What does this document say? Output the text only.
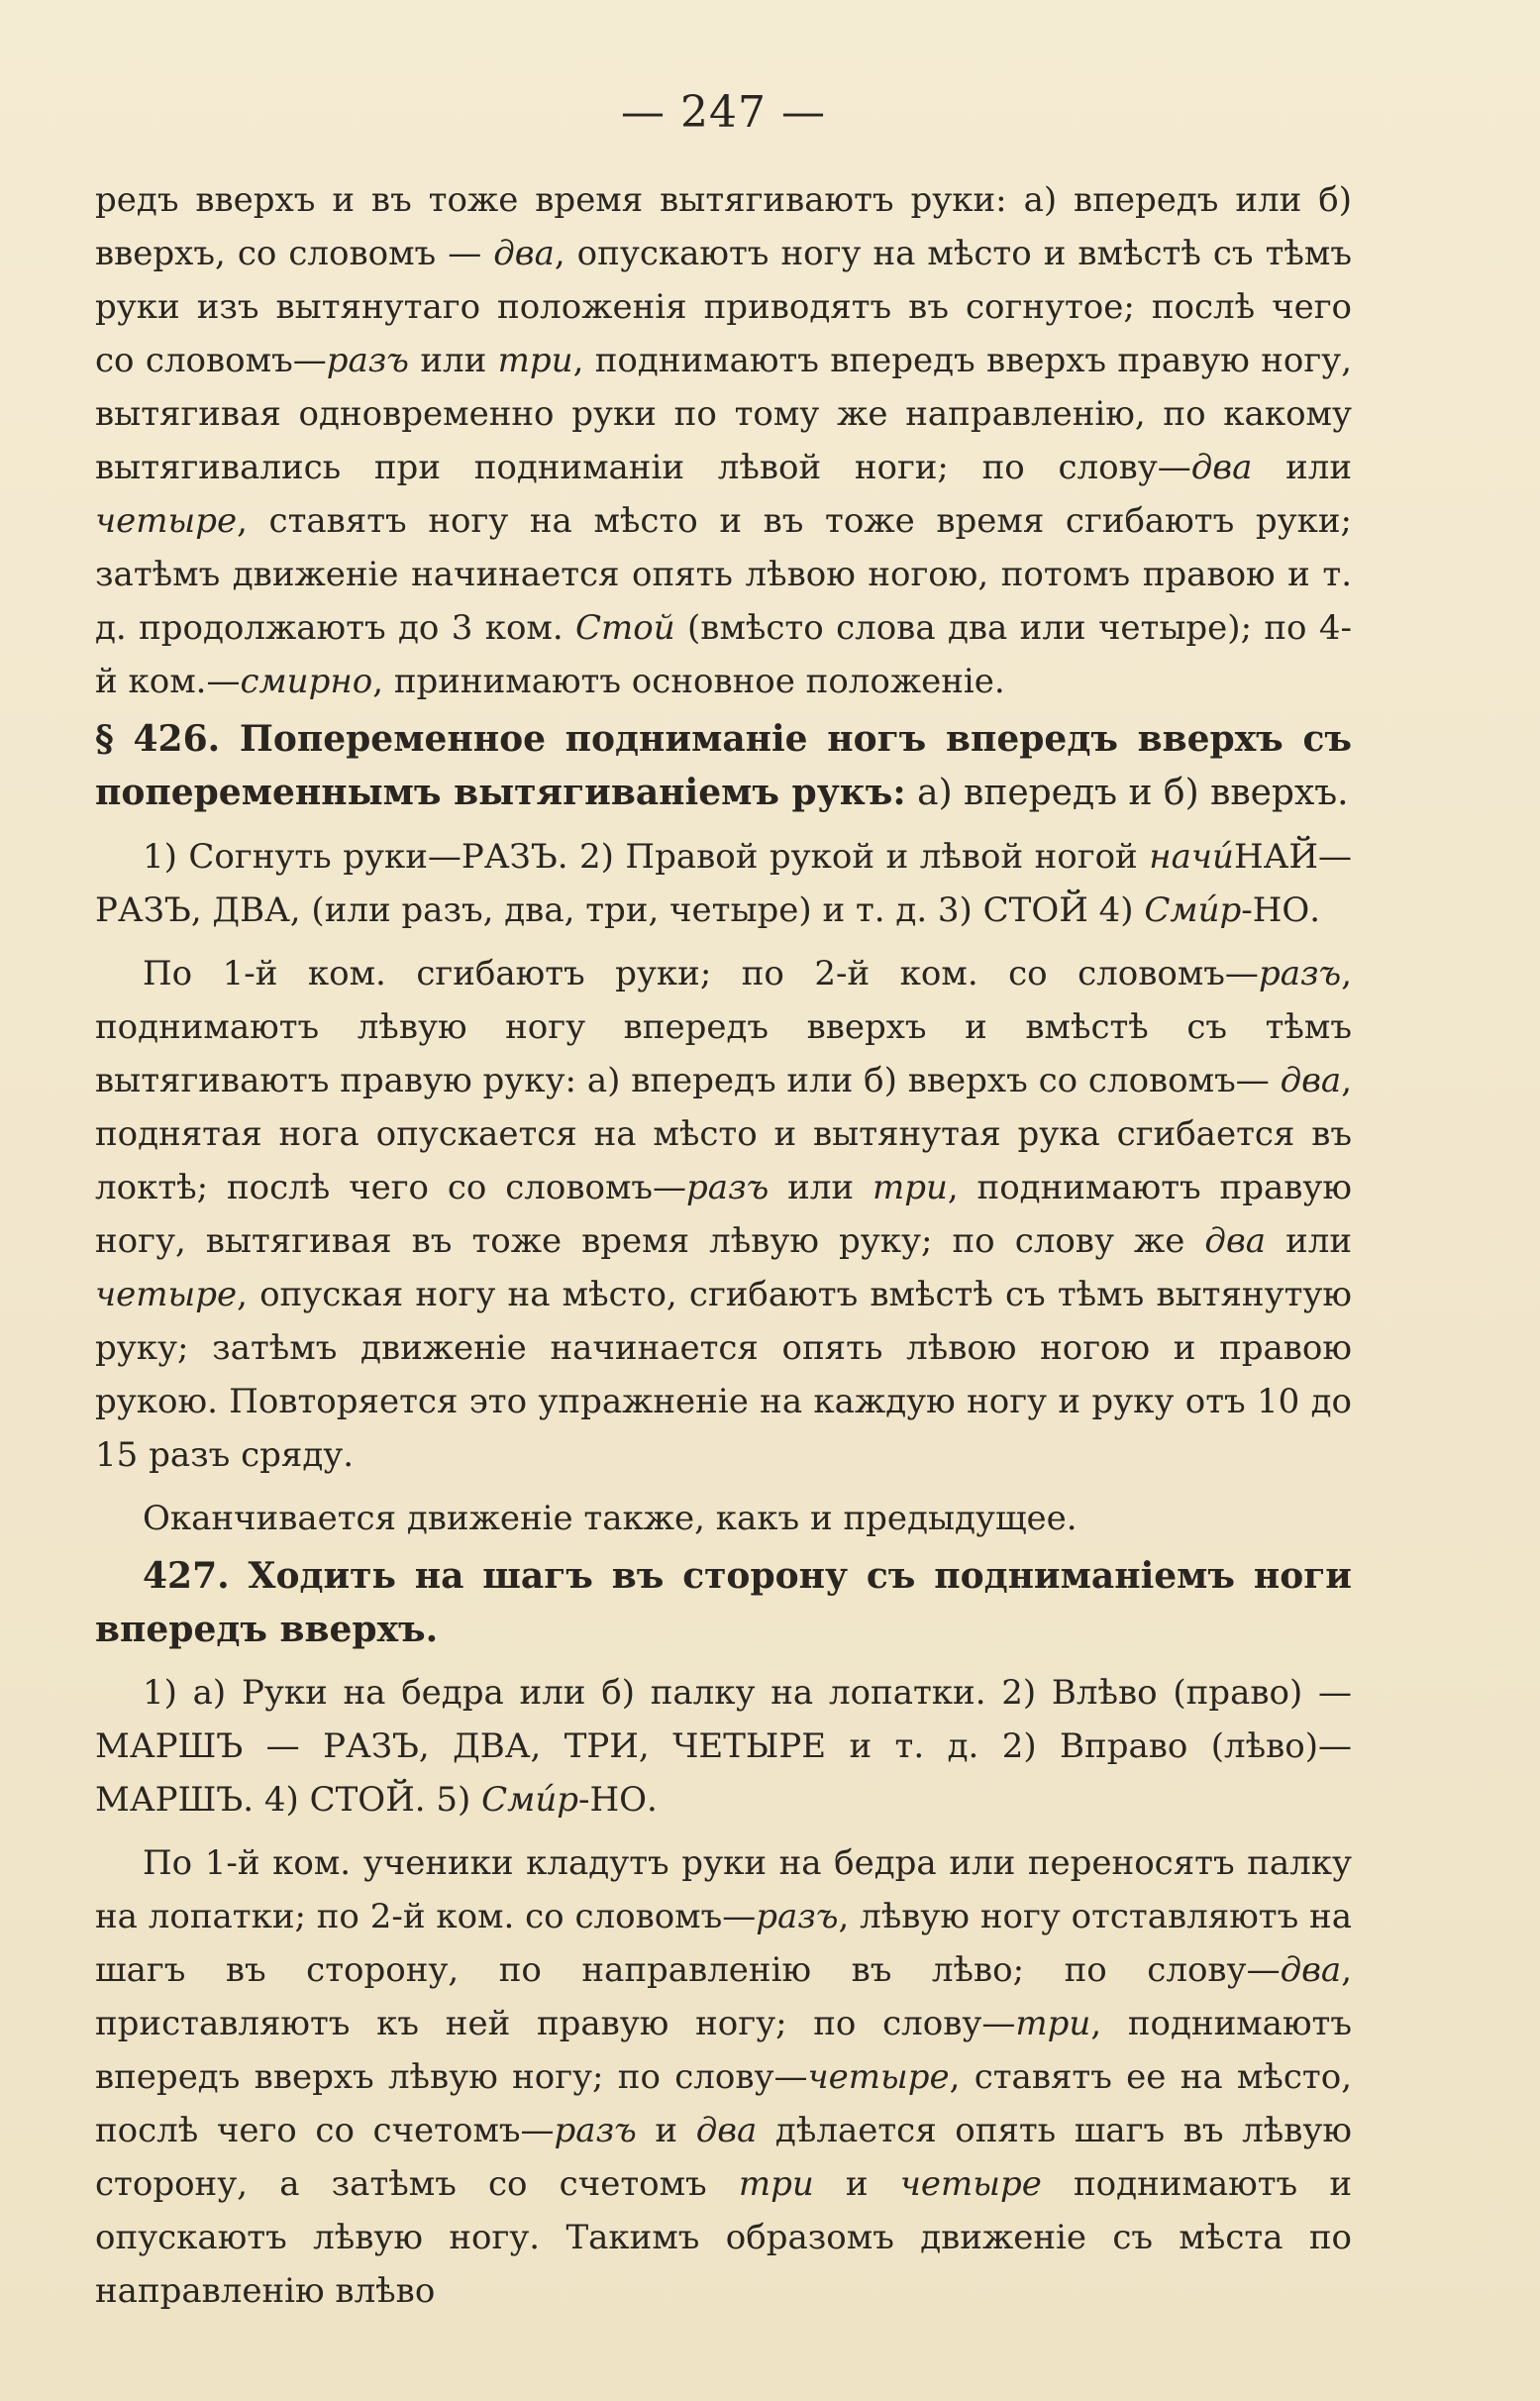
— 247 —

редъ вверхъ и въ тоже время вытягиваютъ руки: а) впередъ или б) вверхъ, со словомъ — два, опускаютъ ногу на мѣсто и вмѣстѣ съ тѣмъ руки изъ вытянутаго положенія приводятъ въ согнутое; послѣ чего со словомъ—разъ или три, поднимаютъ впередъ вверхъ правую ногу, вытягивая одновременно руки по тому же направленію, по какому вытягивались при подниманіи лѣвой ноги; по слову—два или четыре, ставятъ ногу на мѣсто и въ тоже время сгибаютъ руки; затѣмъ движеніе начинается опять лѣвою ногою, потомъ правою и т. д. продолжаютъ до 3 ком. Стой (вмѣсто слова два или четыре); по 4-й ком.—смирно, принимаютъ основное положеніе.

§ 426. Попеременное подниманіе ногъ впередъ вверхъ съ попеременнымъ вытягиваніемъ рукъ: а) впередъ и б) вверхъ.

1) Согнуть руки—РАЗЪ. 2) Правой рукой и лѣвой ногой начи́НАЙ—РАЗЪ, ДВА, (или разъ, два, три, четыре) и т. д. 3) СТОЙ 4) Сми́р-НО.

По 1-й ком. сгибаютъ руки; по 2-й ком. со словомъ—разъ, поднимаютъ лѣвую ногу впередъ вверхъ и вмѣстѣ съ тѣмъ вытягиваютъ правую руку: а) впередъ или б) вверхъ со словомъ— два, поднятая нога опускается на мѣсто и вытянутая рука сгибается въ локтѣ; послѣ чего со словомъ—разъ или три, поднимаютъ правую ногу, вытягивая въ тоже время лѣвую руку; по слову же два или четыре, опуская ногу на мѣсто, сгибаютъ вмѣстѣ съ тѣмъ вытянутую руку; затѣмъ движеніе начинается опять лѣвою ногою и правою рукою. Повторяется это упражненіе на каждую ногу и руку отъ 10 до 15 разъ сряду.

Оканчивается движеніе также, какъ и предыдущее.

427. Ходить на шагъ въ сторону съ подниманіемъ ноги впередъ вверхъ.

1) а) Руки на бедра или б) палку на лопатки. 2) Влѣво (право) — МАРШЪ — РАЗЪ, ДВА, ТРИ, ЧЕТЫРЕ и т. д. 2) Вправо (лѣво)—МАРШЪ. 4) СТОЙ. 5) Сми́р-НО.

По 1-й ком. ученики кладутъ руки на бедра или переносятъ палку на лопатки; по 2-й ком. со словомъ—разъ, лѣвую ногу отставляютъ на шагъ въ сторону, по направленію въ лѣво; по слову—два, приставляютъ къ ней правую ногу; по слову—три, поднимаютъ впередъ вверхъ лѣвую ногу; по слову—четыре, ставятъ ее на мѣсто, послѣ чего со счетомъ—разъ и два дѣлается опять шагъ въ лѣвую сторону, а затѣмъ со счетомъ три и четыре поднимаютъ и опускаютъ лѣвую ногу. Такимъ образомъ движеніе съ мѣста по направленію влѣво
